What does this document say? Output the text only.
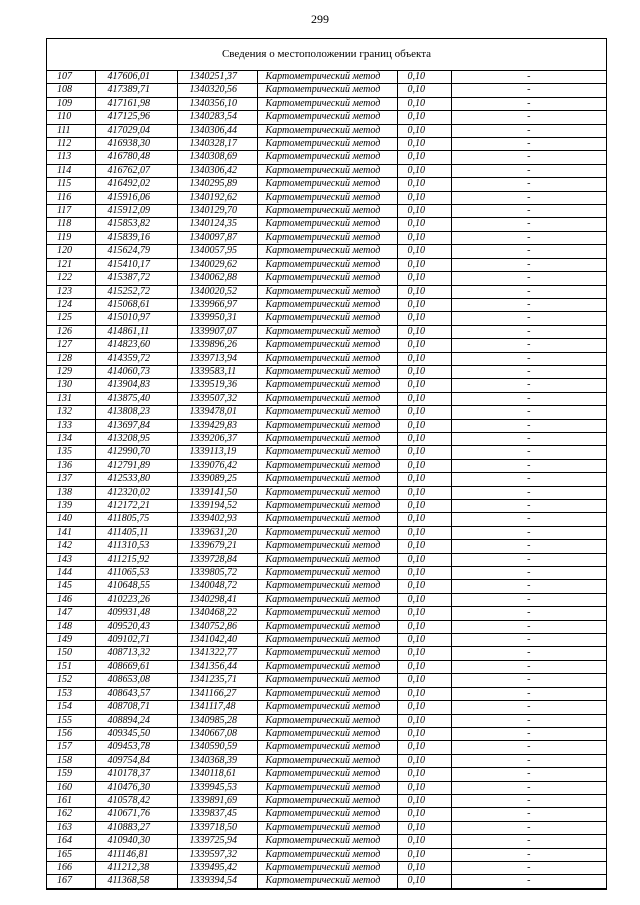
299
Сведения о местоположении границ объекта
107	417606,01	1340251,37	Картометрический метод	0,10	-
108	417389,71	1340320,56	Картометрический метод	0,10	-
109	417161,98	1340356,10	Картометрический метод	0,10	-
110	417125,96	1340283,54	Картометрический метод	0,10	-
111	417029,04	1340306,44	Картометрический метод	0,10	-
112	416938,30	1340328,17	Картометрический метод	0,10	-
113	416780,48	1340308,69	Картометрический метод	0,10	-
114	416762,07	1340306,42	Картометрический метод	0,10	-
115	416492,02	1340295,89	Картометрический метод	0,10	-
116	415916,06	1340192,62	Картометрический метод	0,10	-
117	415912,09	1340129,70	Картометрический метод	0,10	-
118	415853,82	1340124,35	Картометрический метод	0,10	-
119	415839,16	1340097,87	Картометрический метод	0,10	-
120	415624,79	1340057,95	Картометрический метод	0,10	-
121	415410,17	1340029,62	Картометрический метод	0,10	-
122	415387,72	1340062,88	Картометрический метод	0,10	-
123	415252,72	1340020,52	Картометрический метод	0,10	-
124	415068,61	1339966,97	Картометрический метод	0,10	-
125	415010,97	1339950,31	Картометрический метод	0,10	-
126	414861,11	1339907,07	Картометрический метод	0,10	-
127	414823,60	1339896,26	Картометрический метод	0,10	-
128	414359,72	1339713,94	Картометрический метод	0,10	-
129	414060,73	1339583,11	Картометрический метод	0,10	-
130	413904,83	1339519,36	Картометрический метод	0,10	-
131	413875,40	1339507,32	Картометрический метод	0,10	-
132	413808,23	1339478,01	Картометрический метод	0,10	-
133	413697,84	1339429,83	Картометрический метод	0,10	-
134	413208,95	1339206,37	Картометрический метод	0,10	-
135	412990,70	1339113,19	Картометрический метод	0,10	-
136	412791,89	1339076,42	Картометрический метод	0,10	-
137	412533,80	1339089,25	Картометрический метод	0,10	-
138	412320,02	1339141,50	Картометрический метод	0,10	-
139	412172,21	1339194,52	Картометрический метод	0,10	-
140	411805,75	1339402,93	Картометрический метод	0,10	-
141	411405,11	1339631,20	Картометрический метод	0,10	-
142	411310,53	1339679,21	Картометрический метод	0,10	-
143	411215,92	1339728,84	Картометрический метод	0,10	-
144	411065,53	1339805,72	Картометрический метод	0,10	-
145	410648,55	1340048,72	Картометрический метод	0,10	-
146	410223,26	1340298,41	Картометрический метод	0,10	-
147	409931,48	1340468,22	Картометрический метод	0,10	-
148	409520,43	1340752,86	Картометрический метод	0,10	-
149	409102,71	1341042,40	Картометрический метод	0,10	-
150	408713,32	1341322,77	Картометрический метод	0,10	-
151	408669,61	1341356,44	Картометрический метод	0,10	-
152	408653,08	1341235,71	Картометрический метод	0,10	-
153	408643,57	1341166,27	Картометрический метод	0,10	-
154	408708,71	1341117,48	Картометрический метод	0,10	-
155	408894,24	1340985,28	Картометрический метод	0,10	-
156	409345,50	1340667,08	Картометрический метод	0,10	-
157	409453,78	1340590,59	Картометрический метод	0,10	-
158	409754,84	1340368,39	Картометрический метод	0,10	-
159	410178,37	1340118,61	Картометрический метод	0,10	-
160	410476,30	1339945,53	Картометрический метод	0,10	-
161	410578,42	1339891,69	Картометрический метод	0,10	-
162	410671,76	1339837,45	Картометрический метод	0,10	-
163	410883,27	1339718,50	Картометрический метод	0,10	-
164	410940,30	1339725,94	Картометрический метод	0,10	-
165	411146,81	1339597,32	Картометрический метод	0,10	-
166	411212,38	1339495,42	Картометрический метод	0,10	-
167	411368,58	1339394,54	Картометрический метод	0,10	-
